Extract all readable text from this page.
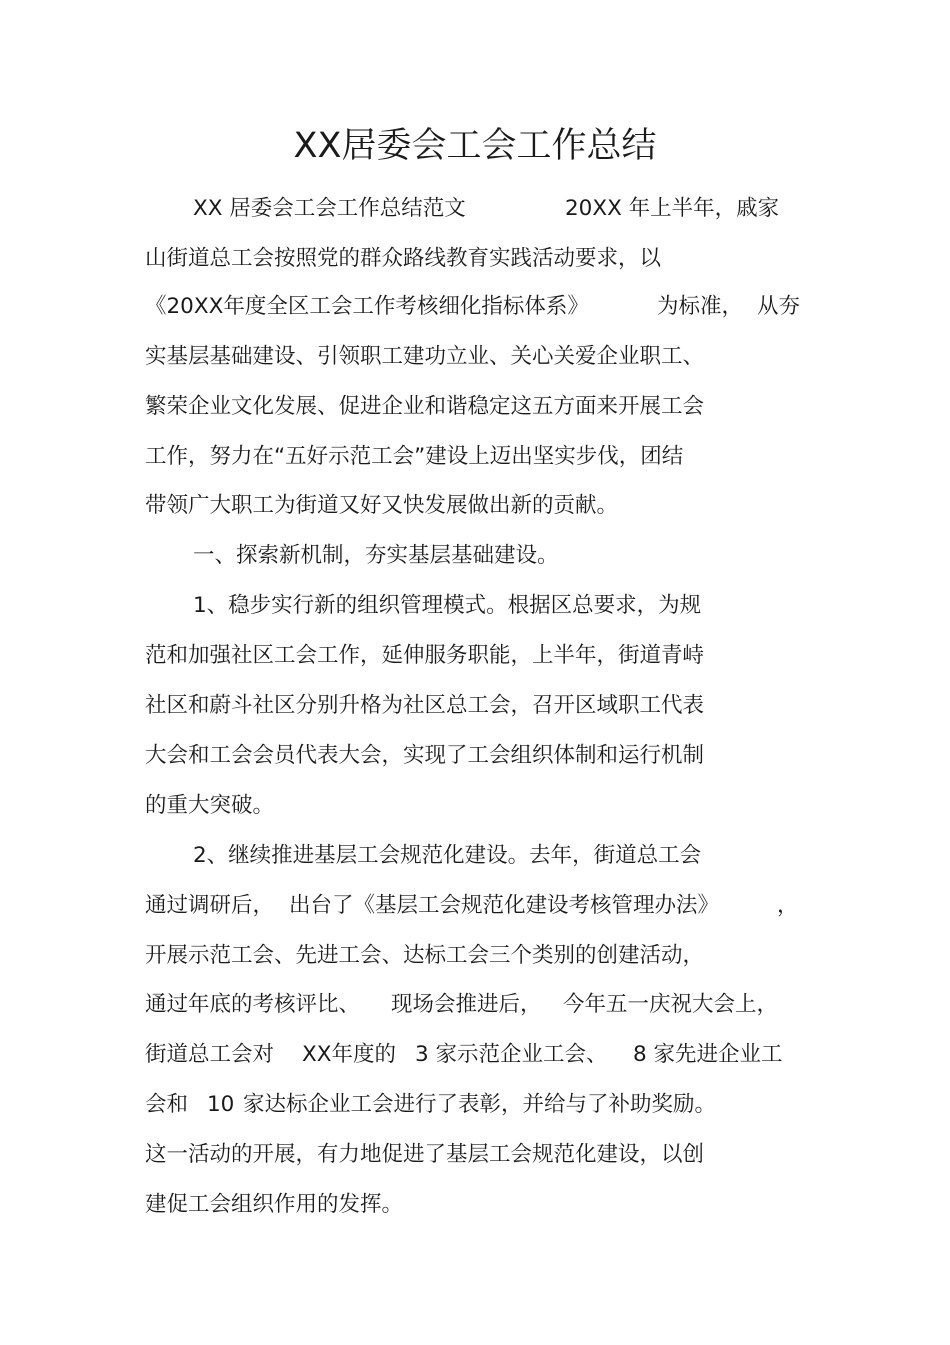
XX居委会工会工作总结
XX 居委会工会工作总结范文	20XX 年上半年，戚家
山街道总工会按照党的群众路线教育实践活动要求，以
《20XX年度全区工会工作考核细化指标体系》	为标准， 从夯
实基层基础建设、引领职工建功立业、关心关爱企业职工、
繁荣企业文化发展、促进企业和谐稳定这五方面来开展工会
工作，努力在“五好示范工会”建设上迈出坚实步伐，团结
带领广大职工为街道又好又快发展做出新的贡献。
一、探索新机制，夯实基层基础建设。
1、稳步实行新的组织管理模式。根据区总要求，为规
范和加强社区工会工作，延伸服务职能，上半年，街道青峙
社区和蔚斗社区分别升格为社区总工会，召开区域职工代表
大会和工会会员代表大会，实现了工会组织体制和运行机制
的重大突破。
2、继续推进基层工会规范化建设。去年，街道总工会
通过调研后， 出台了《基层工会规范化建设考核管理办法》	，
开展示范工会、先进工会、达标工会三个类别的创建活动，
通过年底的考核评比、 现场会推进后， 今年五一庆祝大会上，
街道总工会对 XX年度的 3 家示范企业工会、 8 家先进企业工
会和 10 家达标企业工会进行了表彰，并给与了补助奖励。
这一活动的开展，有力地促进了基层工会规范化建设，以创
建促工会组织作用的发挥。
